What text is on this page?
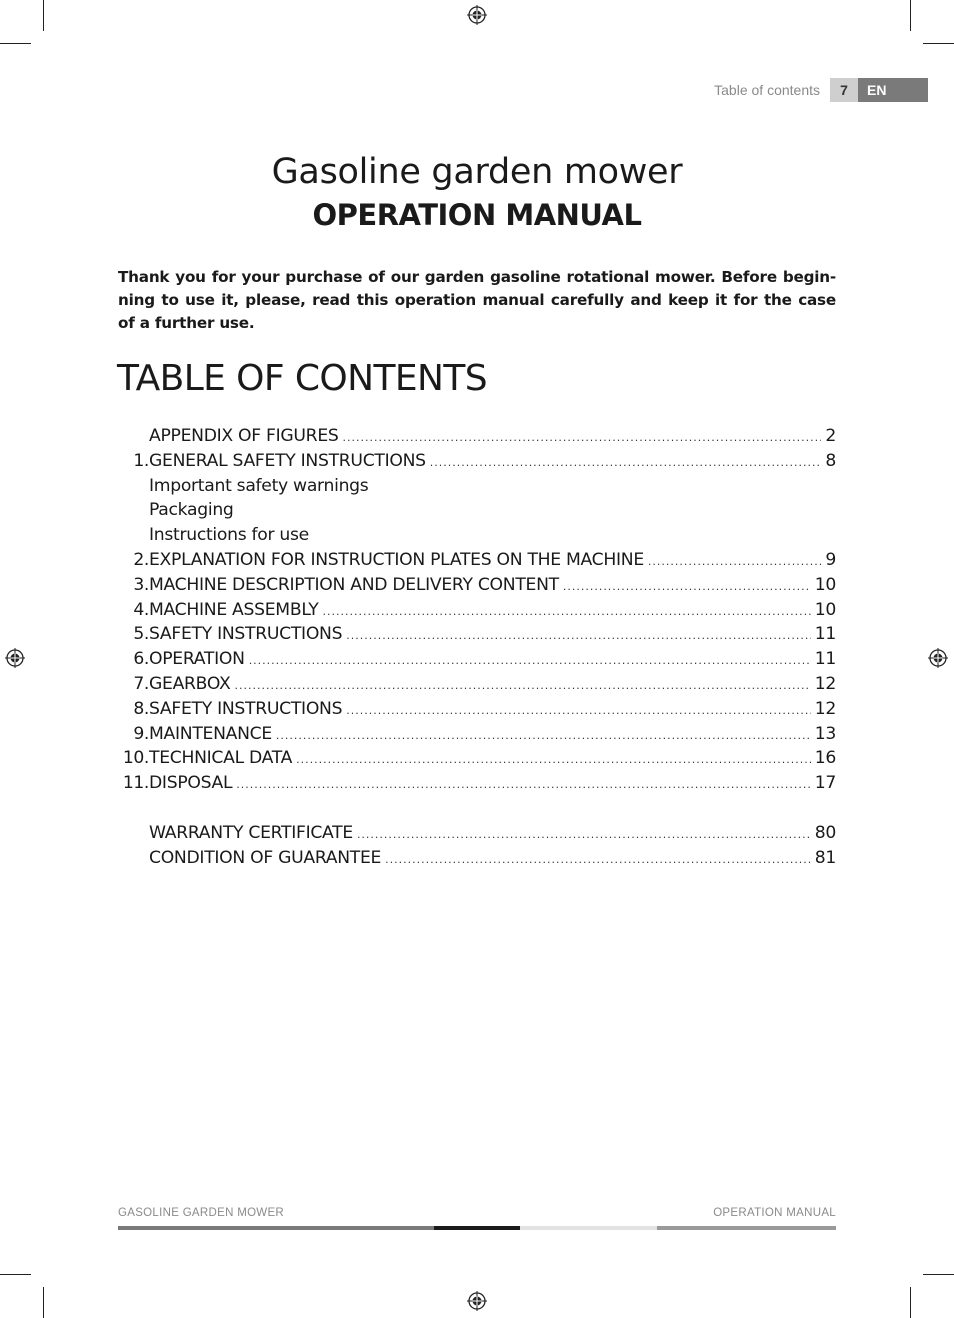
Table of contents	7	EN
Gasoline garden mower
OPERATION MANUAL

Thank you for your purchase of our garden gasoline rotational mower. Before begin-ning to use it, please, read this operation manual carefully and keep it for the case of a further use.

TABLE OF CONTENTS
APPENDIX OF FIGURES .....	2
1. GENERAL SAFETY INSTRUCTIONS .....	8
Important safety warnings
Packaging
Instructions for use
2. EXPLANATION FOR INSTRUCTION PLATES ON THE MACHINE .....	9
3. MACHINE DESCRIPTION AND DELIVERY CONTENT .....	10
4. MACHINE ASSEMBLY .....	10
5. SAFETY INSTRUCTIONS .....	11
6. OPERATION .....	11
7. GEARBOX .....	12
8. SAFETY INSTRUCTIONS .....	12
9. MAINTENANCE .....	13
10. TECHNICAL DATA .....	16
11. DISPOSAL .....	17
WARRANTY CERTIFICATE .....	80
CONDITION OF GUARANTEE .....	81
GASOLINE GARDEN MOWER	OPERATION MANUAL
